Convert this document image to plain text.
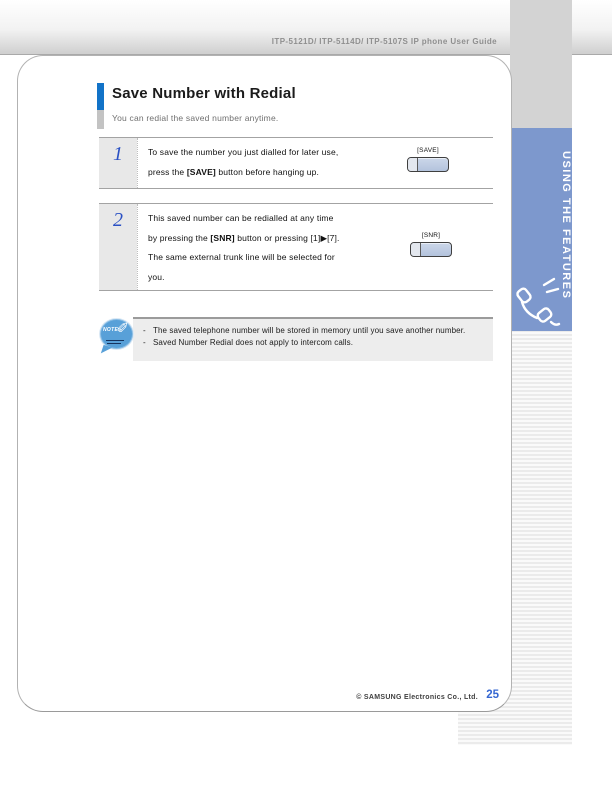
ITP-5121D/ ITP-5114D/ ITP-5107S IP phone User Guide
USING THE FEATURES
Save Number with Redial
You can redial the saved number anytime.
1	To save the number you just dialled for later use,
press the [SAVE] button before hanging up.
[SAVE]
2	This saved number can be redialled at any time
by pressing the [SNR] button or pressing [1]▶[7].
The same external trunk line will be selected for
you.
[SNR]
- The saved telephone number will be stored in memory until you save another number.
- Saved Number Redial does not apply to intercom calls.
NOTE
✎
© SAMSUNG Electronics Co., Ltd. 25
